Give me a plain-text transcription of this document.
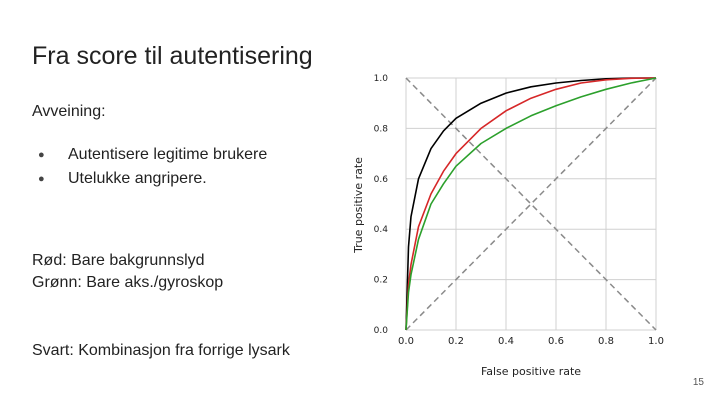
Fra score til autentisering
Avveining:
●	Autentisere legitime brukere
●	Utelukke angripere.
Rød: Bare bakgrunnslyd
Grønn: Bare aks./gyroskop
Svart: Kombinasjon fra forrige lysark
15
0.0	0.2	0.4	0.6	0.8	1.0
0.0
0.2
0.4
0.6
0.8
1.0
False positive rate
True positive rate
